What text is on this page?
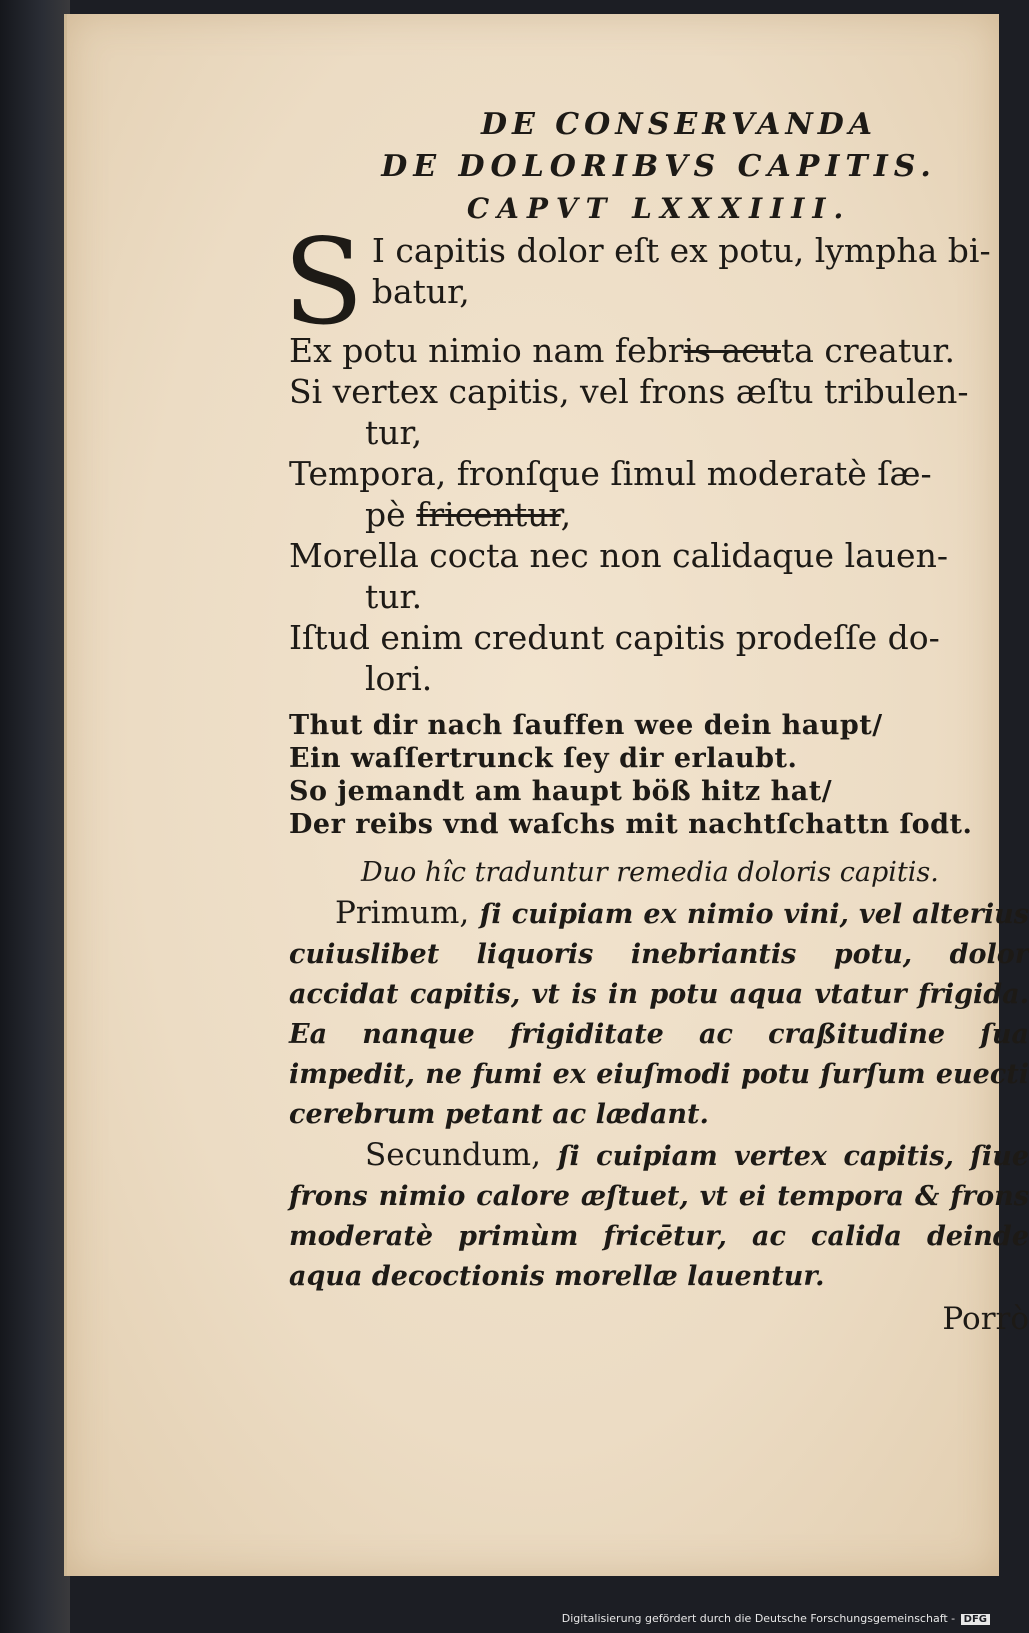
DE CONSERVANDA

DE DOLORIBVS CAPITIS.

CAPVT LXXXIIII.

S I capitis dolor eſt ex potu, lympha bi-
batur,
Ex potu nimio nam febris acuta creatur.
Si vertex capitis, vel frons æſtu tribulen-
tur,
Tempora, fronſque ſimul moderatè ſæ-
pè fricentur,
Morella cocta nec non calidaque lauen-
tur.
Iſtud enim credunt capitis prodeſſe do-
lori.
Thut dir nach ſauffen wee dein haupt/
Ein waſſertrunck ſey dir erlaubt.
So jemandt am haupt böß hitz hat/
Der reibs vnd waſchs mit nachtſchattn ſodt.

Duo hîc traduntur remedia doloris capitis.

Primum, ſi cuipiam ex nimio vini, vel alterius cuiuslibet liquoris inebriantis potu, dolor accidat capitis, vt is in potu aqua vtatur frigida. Ea nanque frigiditate ac craßitudine ſua impedit, ne fumi ex eiuſmodi potu ſurſum euecti cerebrum petant ac lædant.

Secundum, ſi cuipiam vertex capitis, ſiue frons nimio calore æſtuet, vt ei tempora & frons moderatè primùm fricētur, ac calida deinde aqua decoctionis morellæ lauentur.

Porrò

Digitalisierung gefördert durch die Deutsche Forschungsgemeinschaft - DFG
